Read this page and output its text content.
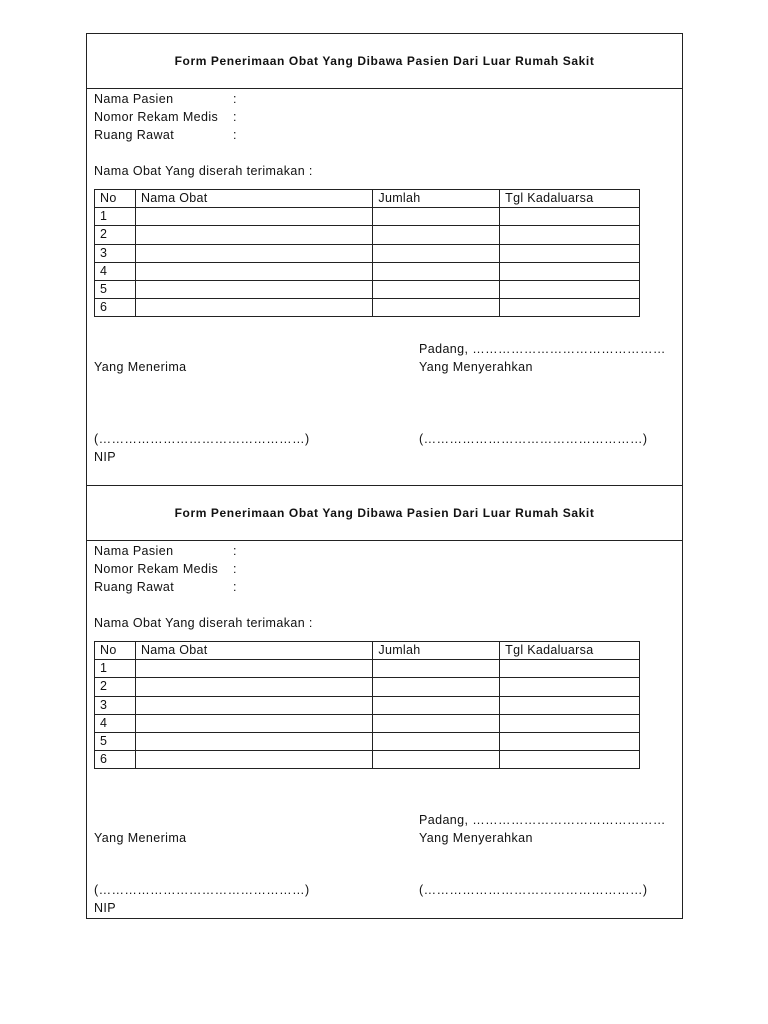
Form Penerimaan Obat Yang Dibawa Pasien Dari Luar Rumah Sakit
Nama Pasien	:
Nomor Rekam Medis	:
Ruang Rawat	:
Nama Obat Yang diserah terimakan :
No	Nama Obat	Jumlah	Tgl Kadaluarsa
1			
2			
3			
4			
5			
6			
Padang, ………………………………………
Yang Menerima	Yang Menyerahkan
(…………………………………………)	(……………………………………………)
NIP
Form Penerimaan Obat Yang Dibawa Pasien Dari Luar Rumah Sakit
Nama Pasien	:
Nomor Rekam Medis	:
Ruang Rawat	:
Nama Obat Yang diserah terimakan :
No	Nama Obat	Jumlah	Tgl Kadaluarsa
1			
2			
3			
4			
5			
6			
Padang, ………………………………………
Yang Menerima	Yang Menyerahkan
(…………………………………………)	(……………………………………………)
NIP
